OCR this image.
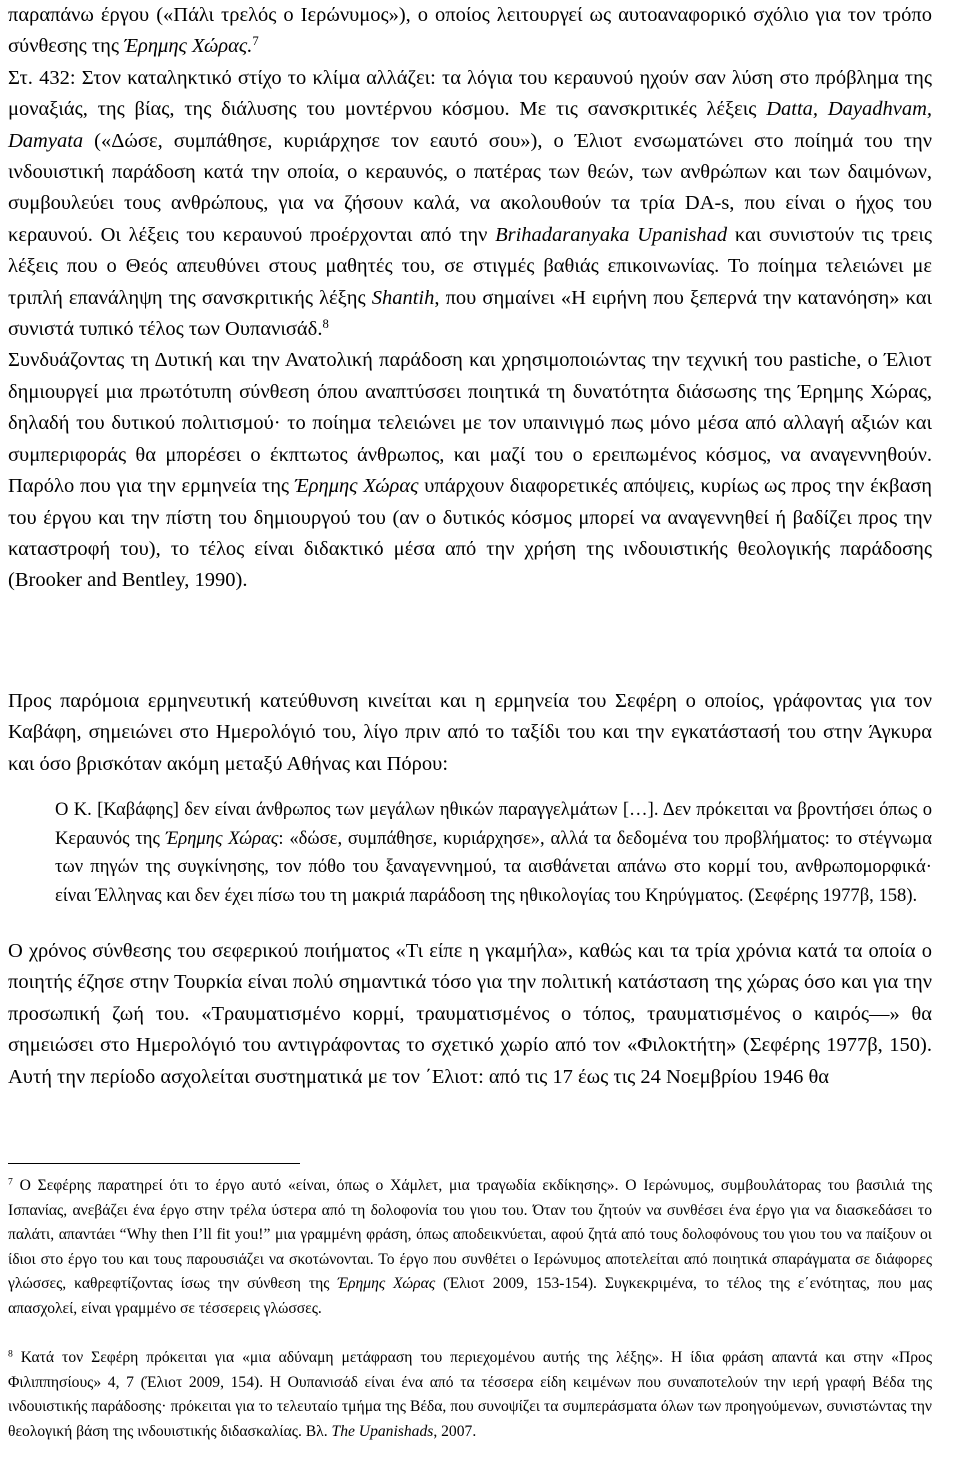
παραπάνω έργου («Πάλι τρελός ο Ιερώνυμος»), ο οποίος λειτουργεί ως αυτοαναφορικό σχόλιο για τον τρόπο σύνθεσης της Έρημης Χώρας.$^7$
Στ. 432: Στον καταληκτικό στίχο το κλίμα αλλάζει: τα λόγια του κεραυνού ηχούν σαν λύση στο πρόβλημα της μοναξιάς, της βίας, της διάλυσης του μοντέρνου κόσμου. Με τις σανσκριτικές λέξεις Datta, Dayadhvam, Damyata («Δώσε, συμπάθησε, κυριάρχησε τον εαυτό σου»), ο Έλιοτ ενσωματώνει στο ποίημά του την ινδουιστική παράδοση κατά την οποία, ο κεραυνός, ο πατέρας των θεών, των ανθρώπων και των δαιμόνων, συμβουλεύει τους ανθρώπους, για να ζήσουν καλά, να ακολουθούν τα τρία DA-s, που είναι ο ήχος του κεραυνού. Οι λέξεις του κεραυνού προέρχονται από την Brihadaranyaka Upanishad και συνιστούν τις τρεις λέξεις που ο Θεός απευθύνει στους μαθητές του, σε στιγμές βαθιάς επικοινωνίας. Το ποίημα τελειώνει με τριπλή επανάληψη της σανσκριτικής λέξης Shantih, που σημαίνει «Η ειρήνη που ξεπερνά την κατανόηση» και συνιστά τυπικό τέλος των Ουπανισάδ.$^8$
Συνδυάζοντας τη Δυτική και την Ανατολική παράδοση και χρησιμοποιώντας την τεχνική του pastiche, ο Έλιοτ δημιουργεί μια πρωτότυπη σύνθεση όπου αναπτύσσει ποιητικά τη δυνατότητα διάσωσης της Έρημης Χώρας, δηλαδή του δυτικού πολιτισμού· το ποίημα τελειώνει με τον υπαινιγμό πως μόνο μέσα από αλλαγή αξιών και συμπεριφοράς θα μπορέσει ο έκπτωτος άνθρωπος, και μαζί του ο ερειπωμένος κόσμος, να αναγεννηθούν. Παρόλο που για την ερμηνεία της Έρημης Χώρας υπάρχουν διαφορετικές απόψεις, κυρίως ως προς την έκβαση του έργου και την πίστη του δημιουργού του (αν ο δυτικός κόσμος μπορεί να αναγεννηθεί ή βαδίζει προς την καταστροφή του), το τέλος είναι διδακτικό μέσα από την χρήση της ινδουιστικής θεολογικής παράδοσης (Brooker and Bentley, 1990).

Προς παρόμοια ερμηνευτική κατεύθυνση κινείται και η ερμηνεία του Σεφέρη ο οποίος, γράφοντας για τον Καβάφη, σημειώνει στο Ημερολόγιό του, λίγο πριν από το ταξίδι του και την εγκατάστασή του στην Άγκυρα και όσο βρισκόταν ακόμη μεταξύ Αθήνας και Πόρου:

Ο Κ. [Καβάφης] δεν είναι άνθρωπος των μεγάλων ηθικών παραγγελμάτων […]. Δεν πρόκειται να βροντήσει όπως ο Κεραυνός της Έρημης Χώρας: «δώσε, συμπάθησε, κυριάρχησε», αλλά τα δεδομένα του προβλήματος: το στέγνωμα των πηγών της συγκίνησης, τον πόθο του ξαναγεννημού, τα αισθάνεται απάνω στο κορμί του, ανθρωπομορφικά· είναι Έλληνας και δεν έχει πίσω του τη μακριά παράδοση της ηθικολογίας του Κηρύγματος. (Σεφέρης 1977β, 158).

Ο χρόνος σύνθεσης του σεφερικού ποιήματος «Τι είπε η γκαμήλα», καθώς και τα τρία χρόνια κατά τα οποία ο ποιητής έζησε στην Τουρκία είναι πολύ σημαντικά τόσο για την πολιτική κατάσταση της χώρας όσο και για την προσωπική ζωή του. «Τραυματισμένο κορμί, τραυματισμένος ο τόπος, τραυματισμένος ο καιρός—» θα σημειώσει στο Ημερολόγιό του αντιγράφοντας το σχετικό χωρίο από τον «Φιλοκτήτη» (Σεφέρης 1977β, 150). Αυτή την περίοδο ασχολείται συστηματικά με τον ΄Ελιοτ: από τις 17 έως τις 24 Νοεμβρίου 1946 θα

$^7$ Ο Σεφέρης παρατηρεί ότι το έργο αυτό «είναι, όπως ο Χάμλετ, μια τραγωδία εκδίκησης». Ο Ιερώνυμος, συμβουλάτορας του βασιλιά της Ισπανίας, ανεβάζει ένα έργο στην τρέλα ύστερα από τη δολοφονία του γιου του. Όταν του ζητούν να συνθέσει ένα έργο για να διασκεδάσει το παλάτι, απαντάει “Why then I’ll fit you!” μια γραμμένη φράση, όπως αποδεικνύεται, αφού ζητά από τους δολοφόνους του γιου του να παίξουν οι ίδιοι στο έργο του και τους παρουσιάζει να σκοτώνονται. Το έργο που συνθέτει ο Ιερώνυμος αποτελείται από ποιητικά σπαράγματα σε διάφορες γλώσσες, καθρεφτίζοντας ίσως την σύνθεση της Έρημης Χώρας (Έλιοτ 2009, 153-154). Συγκεκριμένα, το τέλος της ε΄ενότητας, που μας απασχολεί, είναι γραμμένο σε τέσσερεις γλώσσες.

$^8$ Κατά τον Σεφέρη πρόκειται για «μια αδύναμη μετάφραση του περιεχομένου αυτής της λέξης». Η ίδια φράση απαντά και στην «Προς Φιλιππησίους» 4, 7 (Έλιοτ 2009, 154). Η Ουπανισάδ είναι ένα από τα τέσσερα είδη κειμένων που συναποτελούν την ιερή γραφή Βέδα της ινδουιστικής παράδοσης· πρόκειται για το τελευταίο τμήμα της Βέδα, που συνοψίζει τα συμπεράσματα όλων των προηγούμενων, συνιστώντας την θεολογική βάση της ινδουιστικής διδασκαλίας. Βλ. The Upanishads, 2007.
